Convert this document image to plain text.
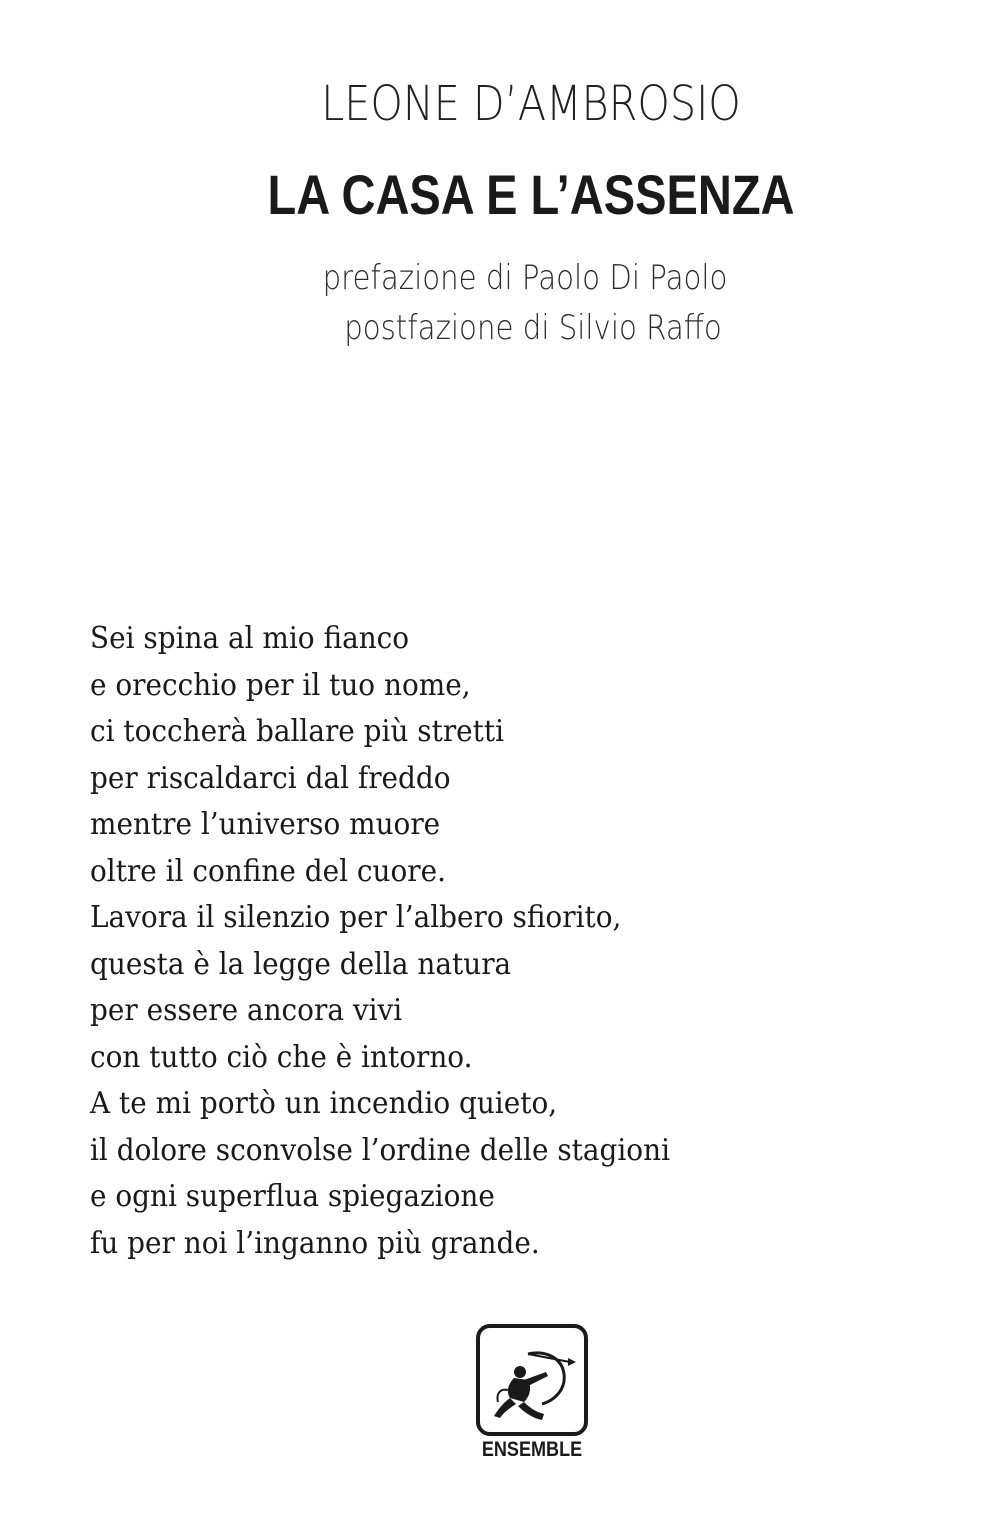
LEONE D’AMBROSIO
LA CASA E L’ASSENZA
prefazione di Paolo Di Paolo
postfazione di Silvio Raffo
Sei spina al mio fianco
e orecchio per il tuo nome,
ci toccherà ballare più stretti
per riscaldarci dal freddo
mentre l’universo muore
oltre il confine del cuore.
Lavora il silenzio per l’albero sfiorito,
questa è la legge della natura
per essere ancora vivi
con tutto ciò che è intorno.
A te mi portò un incendio quieto,
il dolore sconvolse l’ordine delle stagioni
e ogni superflua spiegazione
fu per noi l’inganno più grande.
ENSEMBLE
